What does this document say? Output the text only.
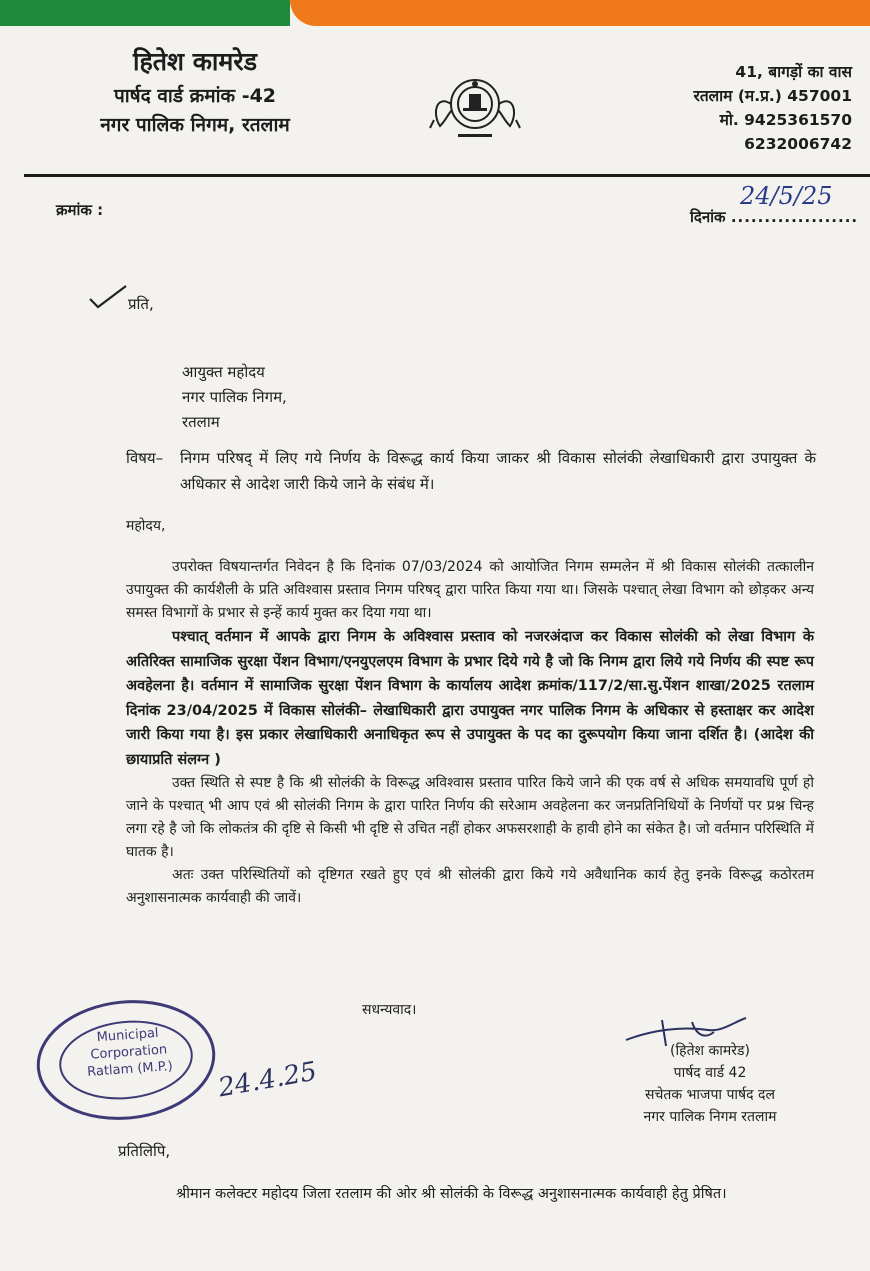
हितेश कामरेड
पार्षद वार्ड क्रमांक -42
नगर पालिक निगम, रतलाम
41, बागड़ों का वास
रतलाम (म.प्र.) 457001
मो. 9425361570
6232006742
क्रमांक :	दिनांक ...................
24/5/25
प्रति,
आयुक्त महोदय
नगर पालिक निगम,
रतलाम
विषय– निगम परिषद् में लिए गये निर्णय के विरूद्ध कार्य किया जाकर श्री विकास सोलंकी लेखाधिकारी द्वारा उपायुक्त के अधिकार से आदेश जारी किये जाने के संबंध में।
महोदय,

उपरोक्त विषयान्तर्गत निवेदन है कि दिनांक 07/03/2024 को आयोजित निगम सम्मलेन में श्री विकास सोलंकी तत्कालीन उपायुक्त की कार्यशैली के प्रति अविश्वास प्रस्ताव निगम परिषद् द्वारा पारित किया गया था। जिसके पश्चात् लेखा विभाग को छोड़कर अन्य समस्त विभागों के प्रभार से इन्हें कार्य मुक्त कर दिया गया था।

पश्चात् वर्तमान में आपके द्वारा निगम के अविश्वास प्रस्ताव को नजरअंदाज कर विकास सोलंकी को लेखा विभाग के अतिरिक्त सामाजिक सुरक्षा पेंशन विभाग/एनयुएलएम विभाग के प्रभार दिये गये है जो कि निगम द्वारा लिये गये निर्णय की स्पष्ट रूप अवहेलना है। वर्तमान में सामाजिक सुरक्षा पेंशन विभाग के कार्यालय आदेश क्रमांक/117/2/सा.सु.पेंशन शाखा/2025 रतलाम दिनांक 23/04/2025 में विकास सोलंकी– लेखाधिकारी द्वारा उपायुक्त नगर पालिक निगम के अधिकार से हस्ताक्षर कर आदेश जारी किया गया है। इस प्रकार लेखाधिकारी अनाधिकृत रूप से उपायुक्त के पद का दुरूपयोग किया जाना दर्शित है। (आदेश की छायाप्रति संलग्न )

उक्त स्थिति से स्पष्ट है कि श्री सोलंकी के विरूद्ध अविश्वास प्रस्ताव पारित किये जाने की एक वर्ष से अधिक समयावधि पूर्ण हो जाने के पश्चात् भी आप एवं श्री सोलंकी निगम के द्वारा पारित निर्णय की सरेआम अवहेलना कर जनप्रतिनिधियों के निर्णयों पर प्रश्न चिन्ह लगा रहे है जो कि लोकतंत्र की दृष्टि से किसी भी दृष्टि से उचित नहीं होकर अफसरशाही के हावी होने का संकेत है। जो वर्तमान परिस्थिति में घातक है।

अतः उक्त परिस्थितियों को दृष्टिगत रखते हुए एवं श्री सोलंकी द्वारा किये गये अवैधानिक कार्य हेतु इनके विरूद्ध कठोरतम अनुशासनात्मक कार्यवाही की जावें।

सधन्यवाद।
(हितेश कामरेड)
पार्षद वार्ड 42
सचेतक भाजपा पार्षद दल
नगर पालिक निगम रतलाम
Municipal
Corporation
Ratlam (M.P.) 24.4.25
प्रतिलिपि,
श्रीमान कलेक्टर महोदय जिला रतलाम की ओर श्री सोलंकी के विरूद्ध अनुशासनात्मक कार्यवाही हेतु प्रेषित।
